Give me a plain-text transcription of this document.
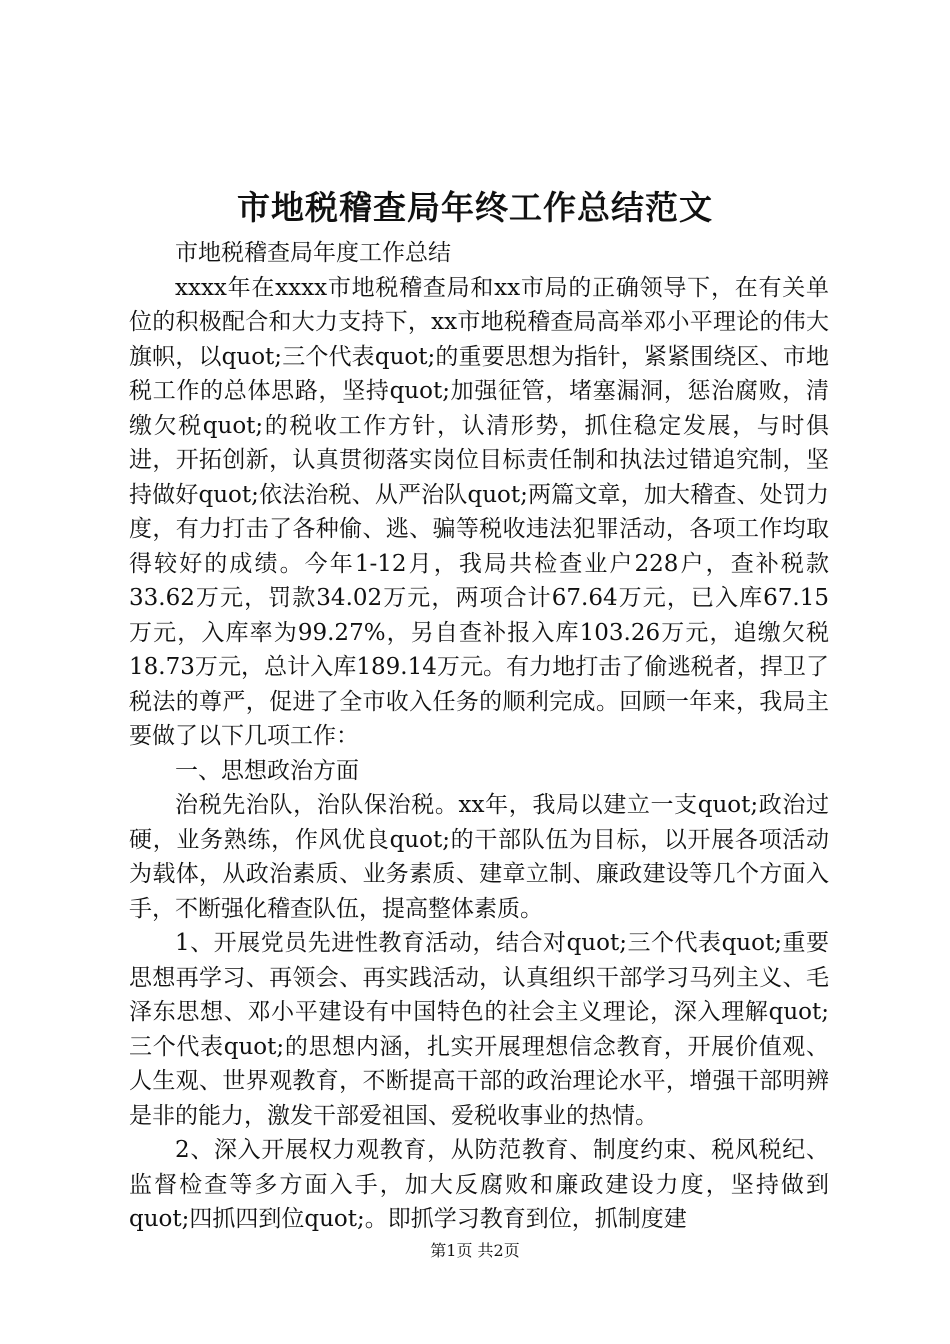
市地税稽查局年终工作总结范文

市地税稽查局年度工作总结

xxxx年在xxxx市地税稽查局和xx市局的正确领导下，在有关单位的积极配合和大力支持下，xx市地税稽查局高举邓小平理论的伟大旗帜，以quot;三个代表quot;的重要思想为指针，紧紧围绕区、市地税工作的总体思路，坚持quot;加强征管，堵塞漏洞，惩治腐败，清缴欠税quot;的税收工作方针，认清形势，抓住稳定发展，与时俱进，开拓创新，认真贯彻落实岗位目标责任制和执法过错追究制，坚持做好quot;依法治税、从严治队quot;两篇文章，加大稽查、处罚力度，有力打击了各种偷、逃、骗等税收违法犯罪活动，各项工作均取得较好的成绩。今年1-12月，我局共检查业户228户，查补税款33.62万元，罚款34.02万元，两项合计67.64万元，已入库67.15万元，入库率为99.27%，另自查补报入库103.26万元，追缴欠税18.73万元，总计入库189.14万元。有力地打击了偷逃税者，捍卫了税法的尊严，促进了全市收入任务的顺利完成。回顾一年来，我局主要做了以下几项工作：

一、思想政治方面

治税先治队，治队保治税。xx年，我局以建立一支quot;政治过硬，业务熟练，作风优良quot;的干部队伍为目标，以开展各项活动为载体，从政治素质、业务素质、建章立制、廉政建设等几个方面入手，不断强化稽查队伍，提高整体素质。

1、开展党员先进性教育活动，结合对quot;三个代表quot;重要思想再学习、再领会、再实践活动，认真组织干部学习马列主义、毛泽东思想、邓小平建设有中国特色的社会主义理论，深入理解quot;三个代表quot;的思想内涵，扎实开展理想信念教育，开展价值观、人生观、世界观教育，不断提高干部的政治理论水平，增强干部明辨是非的能力，激发干部爱祖国、爱税收事业的热情。

2、深入开展权力观教育，从防范教育、制度约束、税风税纪、监督检查等多方面入手，加大反腐败和廉政建设力度，坚持做到quot;四抓四到位quot;。即抓学习教育到位，抓制度建

第1页 共2页
